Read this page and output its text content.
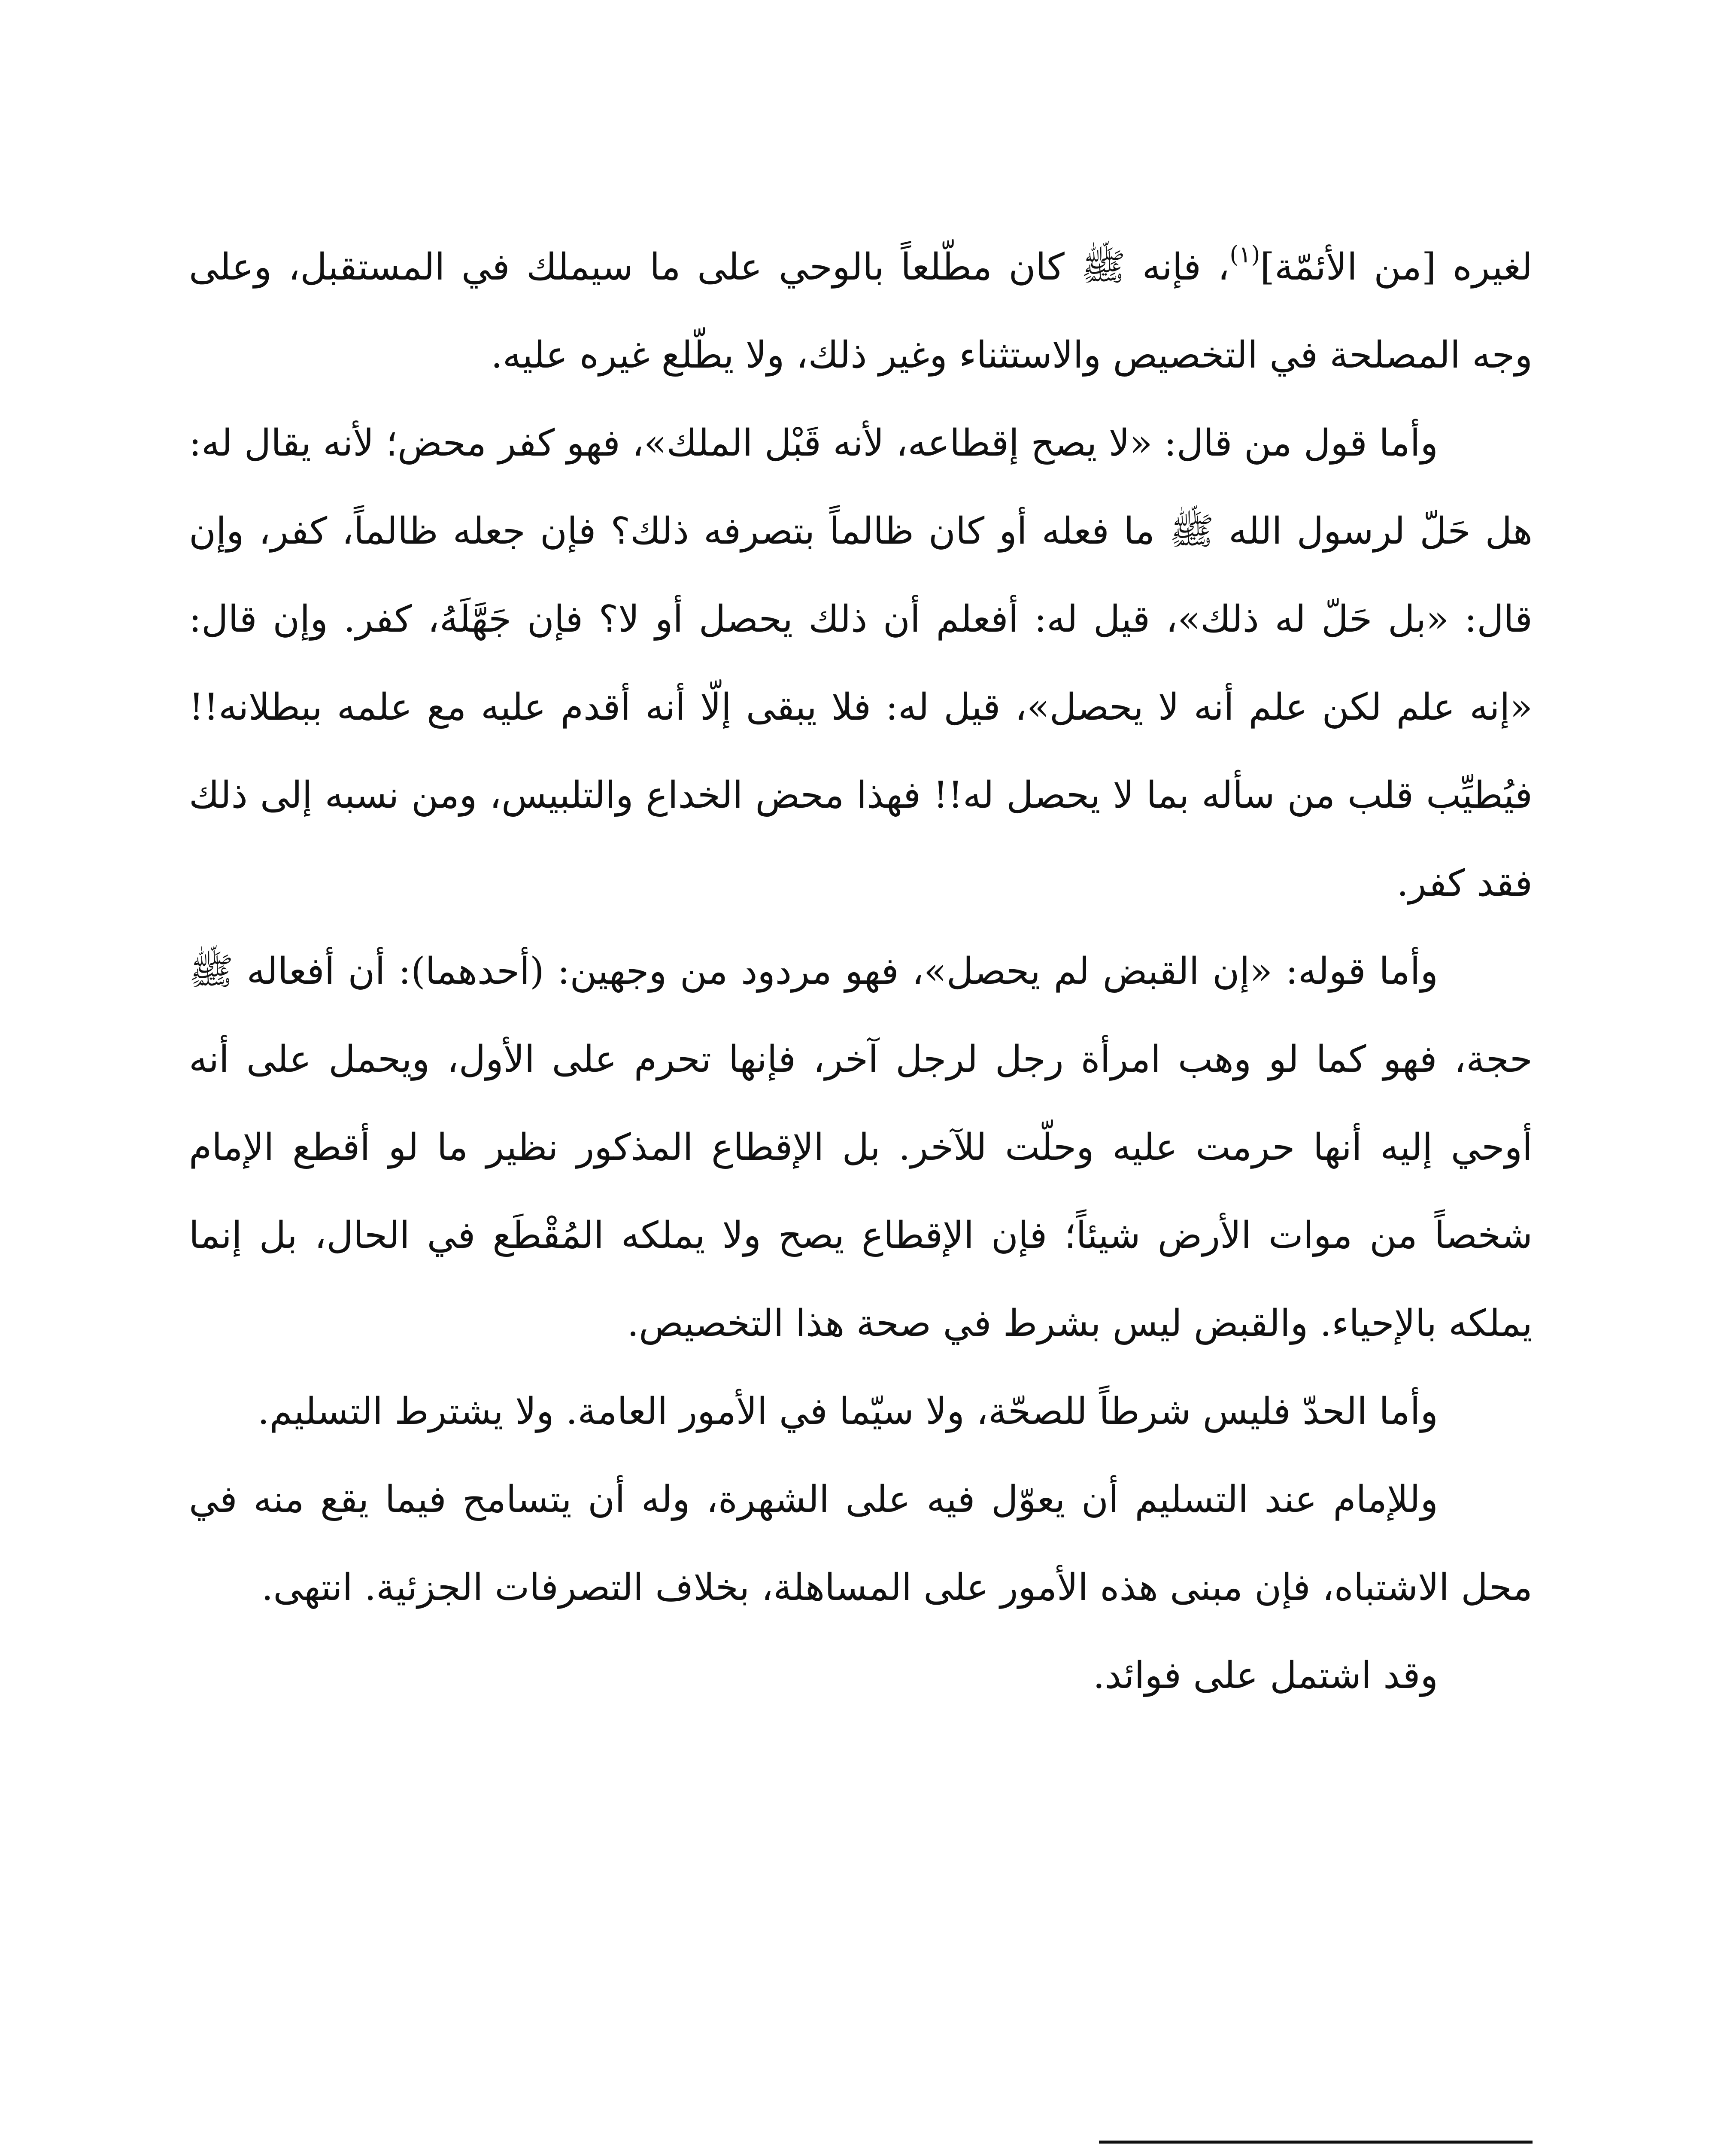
لغيره [من الأئمّة]$^{(١)}$، فإنه ﷺ كان مطّلعاً بالوحي على ما سيملك في المستقبل، وعلى وجه المصلحة في التخصيص والاستثناء وغير ذلك، ولا يطّلع غيره عليه.

وأما قول من قال: «لا يصح إقطاعه، لأنه قَبْل الملك»، فهو كفر محض؛ لأنه يقال له: هل حَلّ لرسول الله ﷺ ما فعله أو كان ظالماً بتصرفه ذلك؟ فإن جعله ظالماً، كفر، وإن قال: «بل حَلّ له ذلك»، قيل له: أفعلم أن ذلك يحصل أو لا؟ فإن جَهَّلَهُ، كفر. وإن قال: «إنه علم لكن علم أنه لا يحصل»، قيل له: فلا يبقى إلّا أنه أقدم عليه مع علمه ببطلانه!! فيُطيِّب قلب من سأله بما لا يحصل له!! فهذا محض الخداع والتلبيس، ومن نسبه إلى ذلك فقد كفر.

وأما قوله: «إن القبض لم يحصل»، فهو مردود من وجهين: (أحدهما): أن أفعاله ﷺ حجة، فهو كما لو وهب امرأة رجل لرجل آخر، فإنها تحرم على الأول، ويحمل على أنه أوحي إليه أنها حرمت عليه وحلّت للآخر. بل الإقطاع المذكور نظير ما لو أقطع الإمام شخصاً من موات الأرض شيئاً؛ فإن الإقطاع يصح ولا يملكه المُقْطَع في الحال، بل إنما يملكه بالإحياء. والقبض ليس بشرط في صحة هذا التخصيص.

وأما الحدّ فليس شرطاً للصحّة، ولا سيّما في الأمور العامة. ولا يشترط التسليم.

وللإمام عند التسليم أن يعوّل فيه على الشهرة، وله أن يتسامح فيما يقع منه في محل الاشتباه، فإن مبنى هذه الأمور على المساهلة، بخلاف التصرفات الجزئية. انتهى.

وقد اشتمل على فوائد.
